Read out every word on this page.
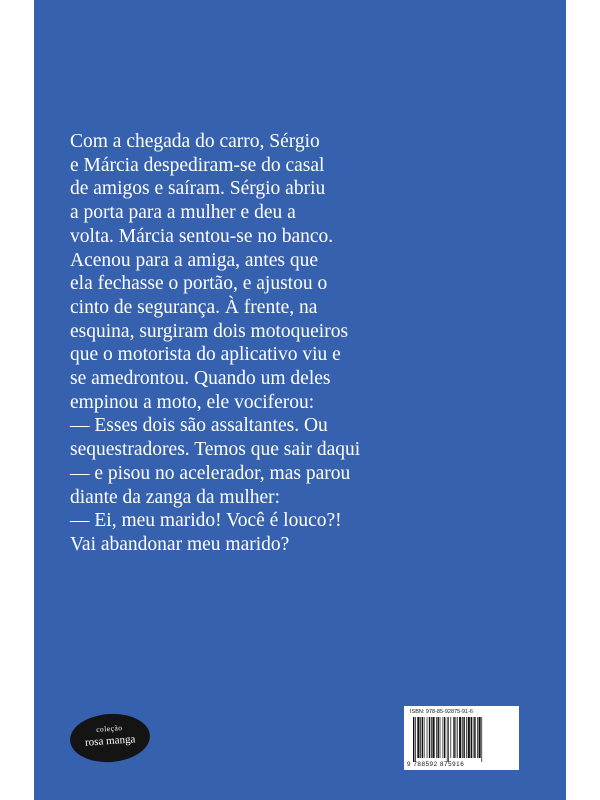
Com a chegada do carro, Sérgio
e Márcia despediram-se do casal
de amigos e saíram. Sérgio abriu
a porta para a mulher e deu a
volta. Márcia sentou-se no banco.
Acenou para a amiga, antes que
ela fechasse o portão, e ajustou o
cinto de segurança. À frente, na
esquina, surgiram dois motoqueiros
que o motorista do aplicativo viu e
se amedrontou. Quando um deles
empinou a moto, ele vociferou:
— Esses dois são assaltantes. Ou
sequestradores. Temos que sair daqui
— e pisou no acelerador, mas parou
diante da zanga da mulher:
— Ei, meu marido! Você é louco?!
Vai abandonar meu marido?
coleção
rosa manga
ISBN: 978-85-92875-91-6
9 788592 875916
